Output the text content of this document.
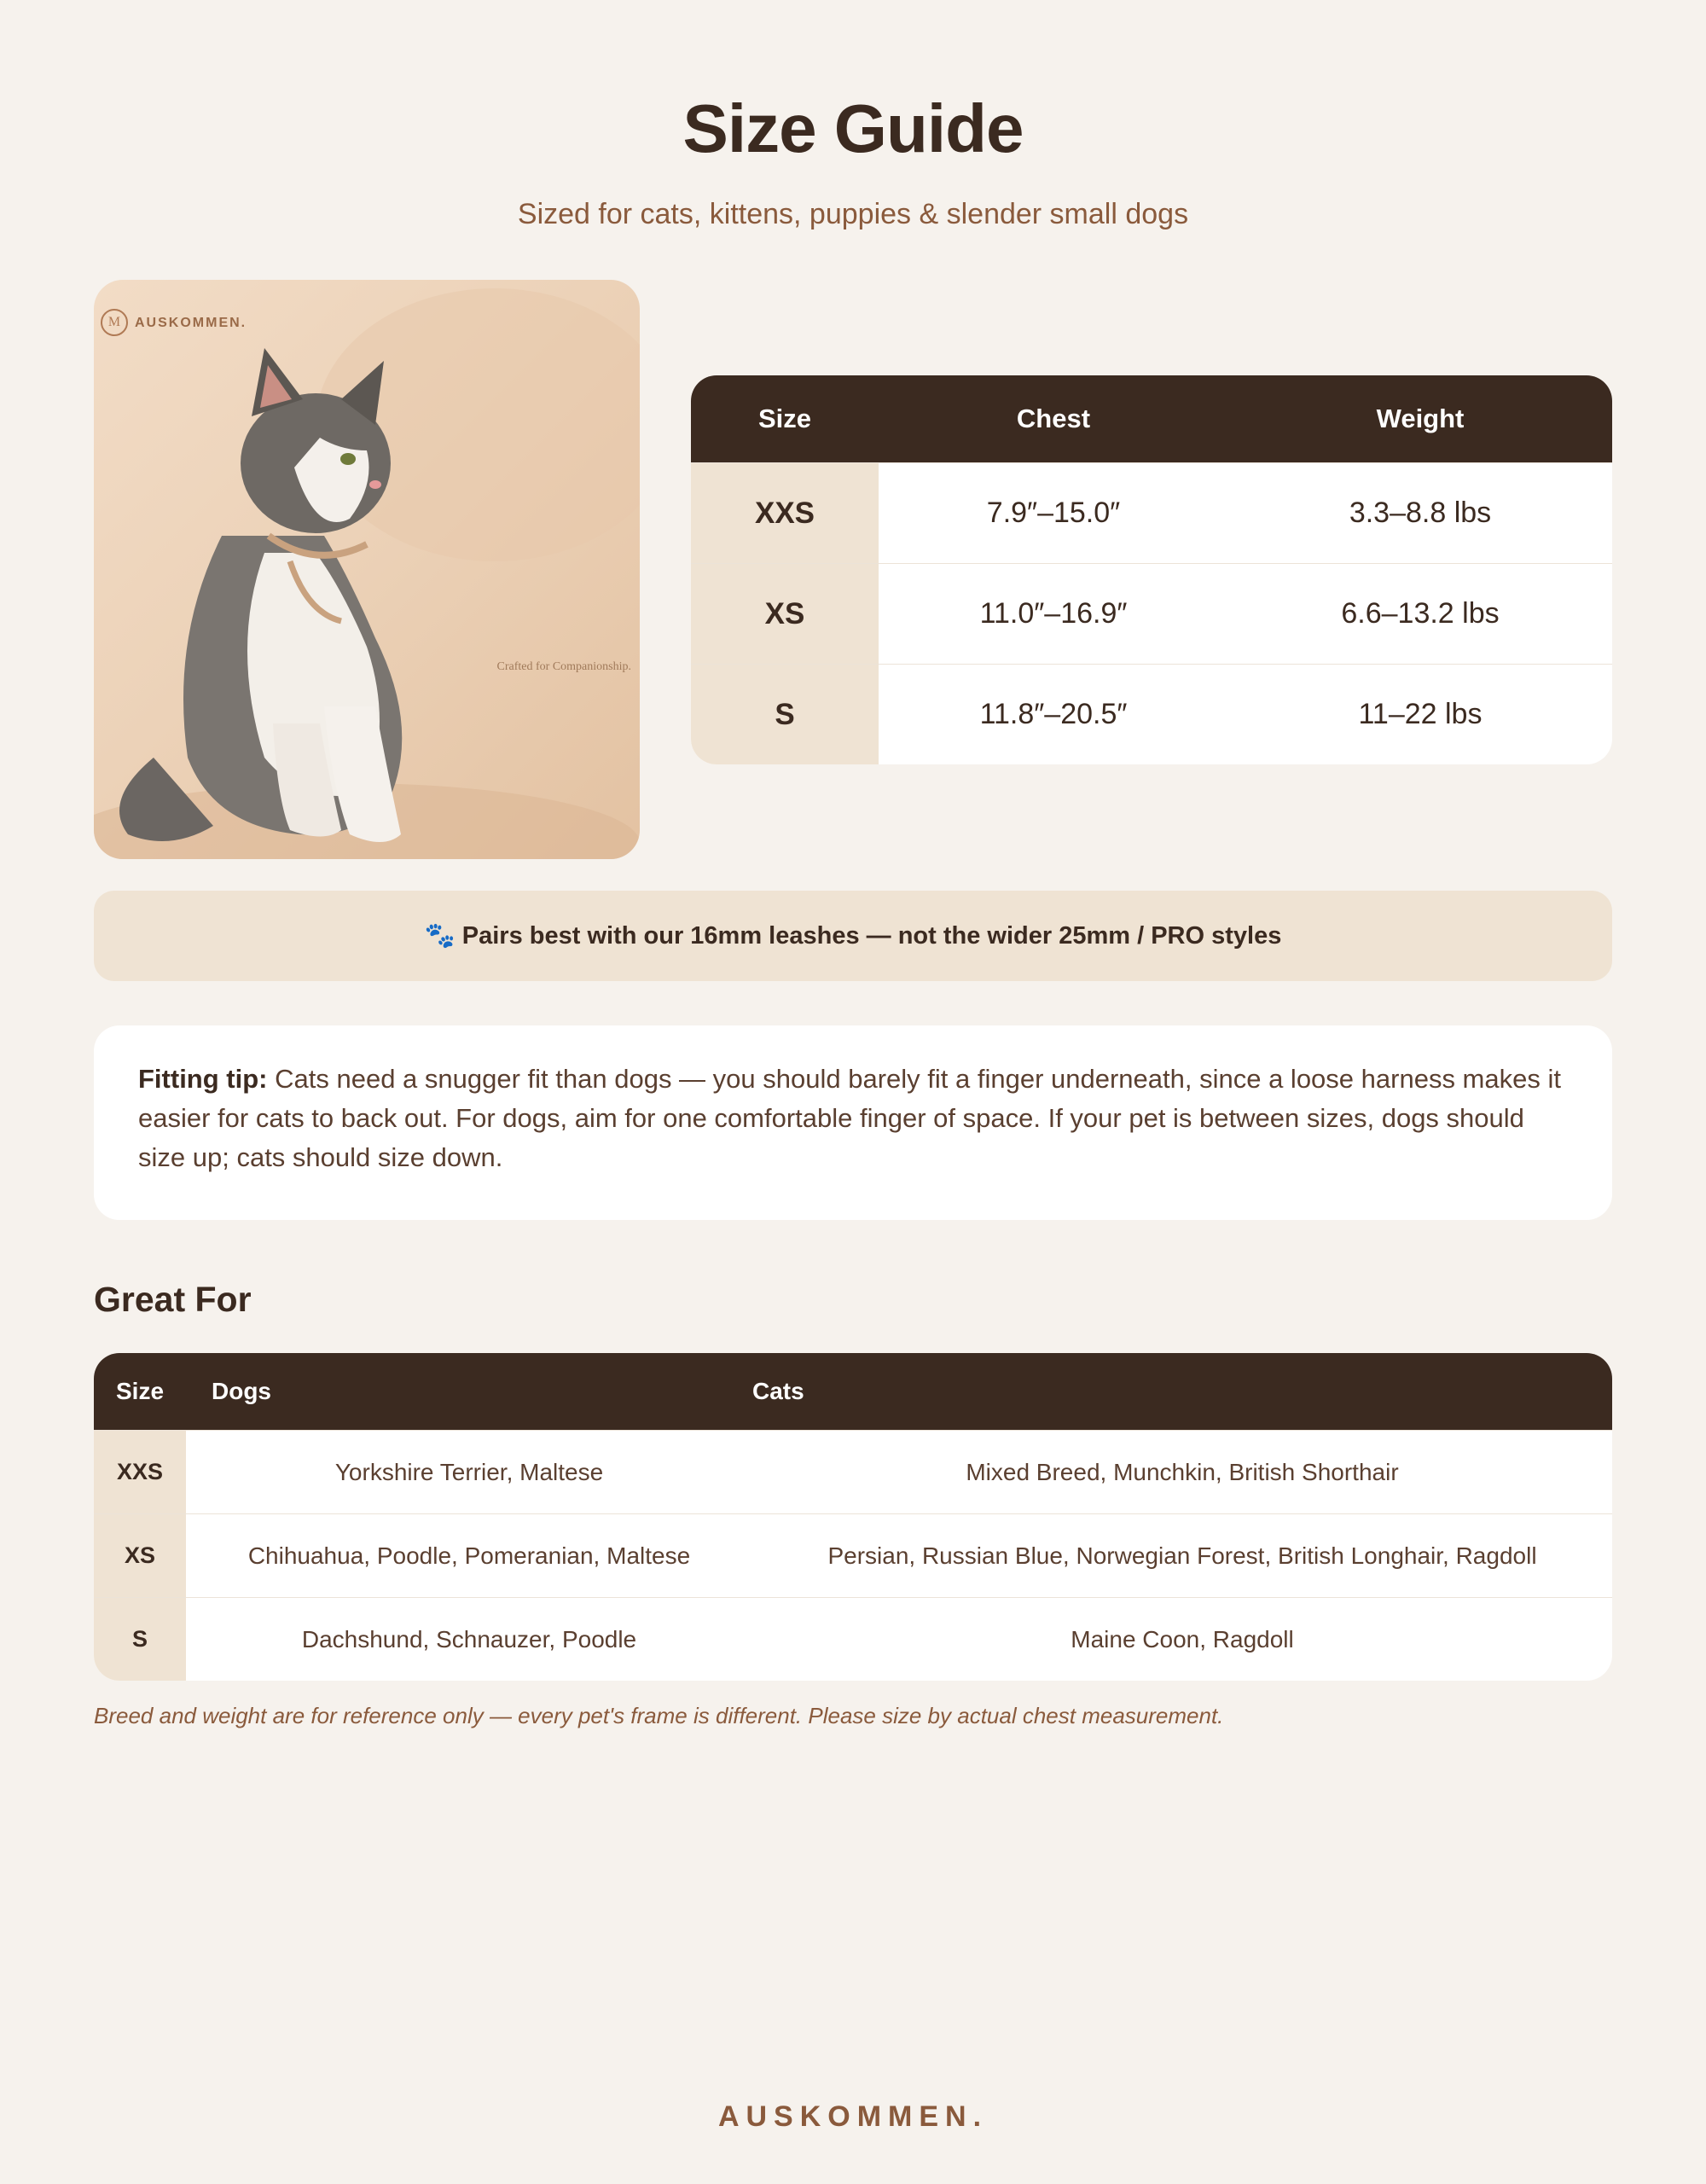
Size Guide
Sized for cats, kittens, puppies & slender small dogs
M	AUSKOMMEN.
Crafted for Companionship.
Size	Chest	Weight
XXS	7.9″–15.0″	3.3–8.8 lbs
XS	11.0″–16.9″	6.6–13.2 lbs
S	11.8″–20.5″	11–22 lbs
🐾 Pairs best with our 16mm leashes — not the wider 25mm / PRO styles
Fitting tip: Cats need a snugger fit than dogs — you should barely fit a finger underneath, since a loose harness makes it easier for cats to back out. For dogs, aim for one comfortable finger of space. If your pet is between sizes, dogs should size up; cats should size down.
Great For
Size	Dogs	Cats
XXS	Yorkshire Terrier, Maltese	Mixed Breed, Munchkin, British Shorthair
XS	Chihuahua, Poodle, Pomeranian, Maltese	Persian, Russian Blue, Norwegian Forest, British Longhair, Ragdoll
S	Dachshund, Schnauzer, Poodle	Maine Coon, Ragdoll
Breed and weight are for reference only — every pet's frame is different. Please size by actual chest measurement.
AUSKOMMEN.
